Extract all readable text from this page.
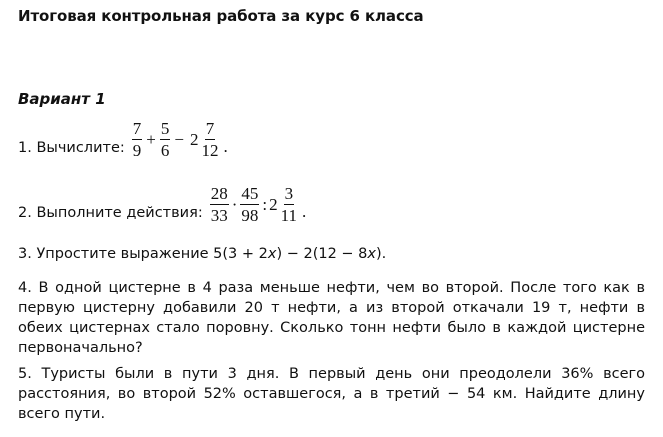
Итоговая контрольная работа за курс 6 класса
Вариант 1
1. Вычислите: $\frac{7}{9} + \frac{5}{6} - 2 \frac{7}{12}$ .
2. Выполните действия: $\frac{28}{33} \cdot \frac{45}{98}$ : $2 \frac{3}{11}$ .
3. Упростите выражение 5(3 + 2 x ) − 2(12 − 8 x ).
4. В одной цистерне в 4 раза меньше нефти, чем во второй. После того как в первую цистерну добавили 20 т нефти, а из второй откачали 19 т, нефти в обеих цистернах стало поровну. Сколько тонн нефти было в каждой цистерне первоначально?
5. Туристы были в пути 3 дня. В первый день они преодолели 36% всего расстояния, во второй 52% оставшегося, а в третий − 54 км. Найдите длину всего пути.
